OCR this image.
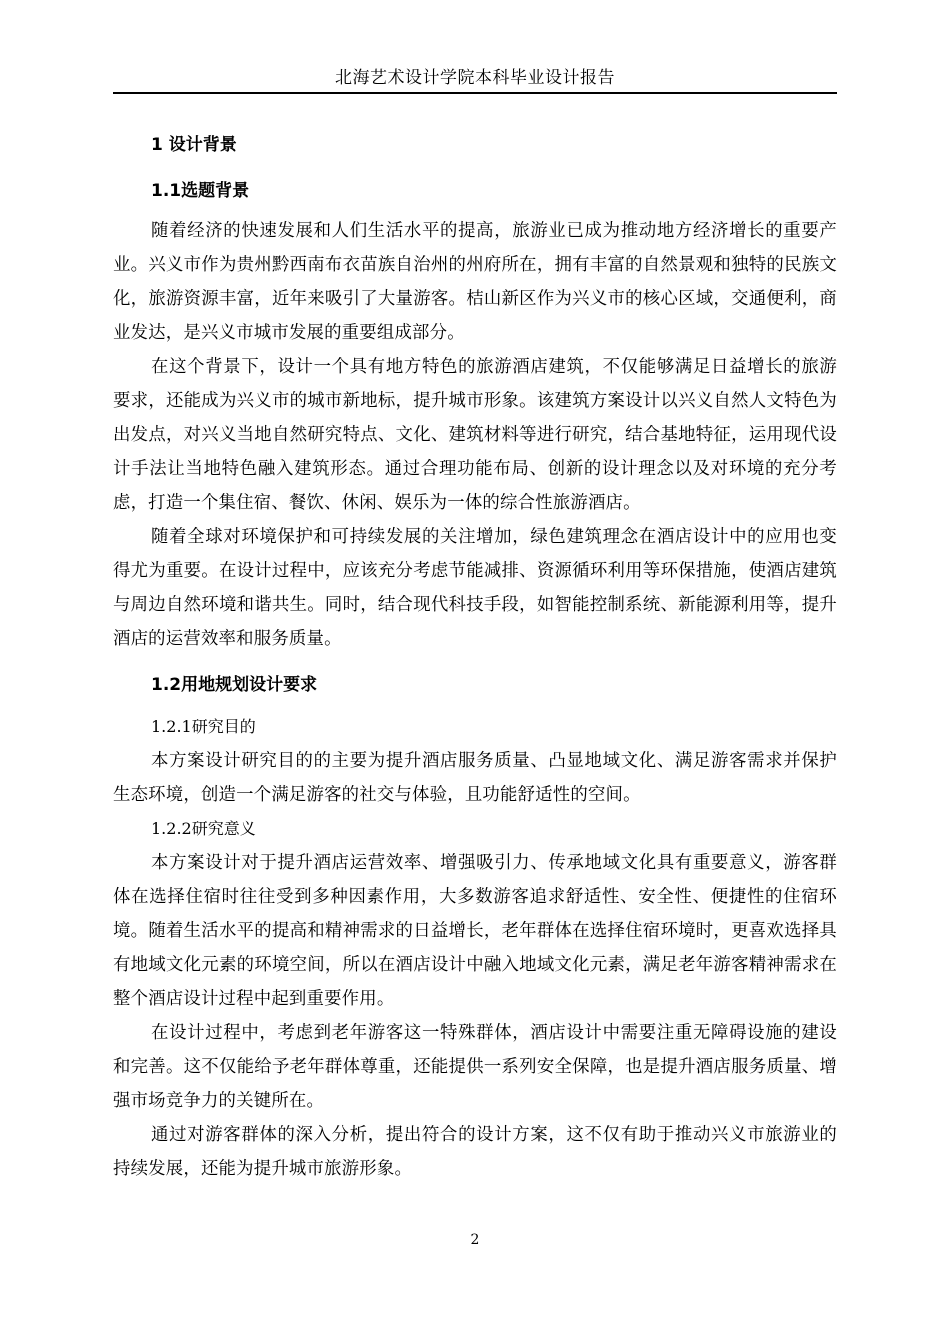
北海艺术设计学院本科毕业设计报告
1 设计背景
1.1选题背景

随着经济的快速发展和人们生活水平的提高，旅游业已成为推动地方经济增长的重要产业。兴义市作为贵州黔西南布衣苗族自治州的州府所在，拥有丰富的自然景观和独特的民族文化，旅游资源丰富，近年来吸引了大量游客。桔山新区作为兴义市的核心区域，交通便利，商业发达，是兴义市城市发展的重要组成部分。

在这个背景下，设计一个具有地方特色的旅游酒店建筑，不仅能够满足日益增长的旅游要求，还能成为兴义市的城市新地标，提升城市形象。该建筑方案设计以兴义自然人文特色为出发点，对兴义当地自然研究特点、文化、建筑材料等进行研究，结合基地特征，运用现代设计手法让当地特色融入建筑形态。通过合理功能布局、创新的设计理念以及对环境的充分考虑，打造一个集住宿、餐饮、休闲、娱乐为一体的综合性旅游酒店。

随着全球对环境保护和可持续发展的关注增加，绿色建筑理念在酒店设计中的应用也变得尤为重要。在设计过程中，应该充分考虑节能减排、资源循环利用等环保措施，使酒店建筑与周边自然环境和谐共生。同时，结合现代科技手段，如智能控制系统、新能源利用等，提升酒店的运营效率和服务质量。

1.2用地规划设计要求

1.2.1研究目的

本方案设计研究目的的主要为提升酒店服务质量、凸显地域文化、满足游客需求并保护生态环境，创造一个满足游客的社交与体验，且功能舒适性的空间。

1.2.2研究意义

本方案设计对于提升酒店运营效率、增强吸引力、传承地域文化具有重要意义，游客群体在选择住宿时往往受到多种因素作用，大多数游客追求舒适性、安全性、便捷性的住宿环境。随着生活水平的提高和精神需求的日益增长，老年群体在选择住宿环境时，更喜欢选择具有地域文化元素的环境空间，所以在酒店设计中融入地域文化元素，满足老年游客精神需求在整个酒店设计过程中起到重要作用。

在设计过程中，考虑到老年游客这一特殊群体，酒店设计中需要注重无障碍设施的建设和完善。这不仅能给予老年群体尊重，还能提供一系列安全保障，也是提升酒店服务质量、增强市场竞争力的关键所在。

通过对游客群体的深入分析，提出符合的设计方案，这不仅有助于推动兴义市旅游业的持续发展，还能为提升城市旅游形象。

2
